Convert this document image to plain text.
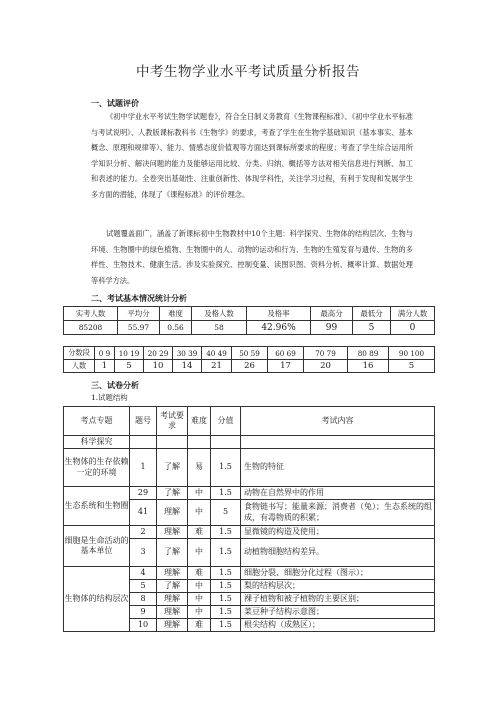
中考生物学业水平考试质量分析报告
一、试题评价
《初中学业水平考试生物学试题卷》，符合全日制义务教育《生物课程标准》、《初中学业水平标准与考试说明》、人教版课标教科书《生物学》的要求，考查了学生在生物学基础知识（基本事实、基本概念、原理和规律等）、能力、情感态度价值观等方面达到课标所要求的程度；考查了学生综合运用所学知识分析、解决问题的能力及能够运用比较、分类、归纳、概括等方法对相关信息进行判断、加工和表述的能力。全卷突出基础性、注重创新性、体现学科性，关注学习过程，有利于发现和发展学生多方面的潜能，体现了《课程标准》的评价理念。
试题覆盖面广，涵盖了新课标初中生物教材中10个主题：科学探究、生物体的结构层次、生物与环境、生物圈中的绿色植物、生物圈中的人、动物的运动和行为、生物的生殖发育与遗传、生物的多样性、生物技术、健康生活。涉及实验探究、控制变量、读图识图、资料分析、概率计算、数据处理等科学方法。
二、考试基本情况统计分析
实考人数	平均分	难度	及格人数	及格率	最高分	最低分	满分人数
85208	55.97	0.56	58	42.96%	99	5	0
分数段	0 9	10 19	20 29	30 39	40 49	50 59	60 69	70 79	80 89	90 100
人数	1	5	10	14	21	26	17	20	16	5
三、试卷分析
1.试题结构
考点专题	题号	考试要求	难度	分值	考试内容
科学探究					
生物体的生存依赖一定的环境	1	了解	易	1.5	生物的特征
生态系统和生物圈	29	了解	中	1.5	动物在自然界中的作用
	41	理解	中	5	食物链书写；能量来源；消费者（兔）；生态系统的组成，有毒物质的积累；
细胞是生命活动的基本单位	2	理解	难	1.5	显微镜的构造及使用；
	3	了解	中	1.5	动植物细胞结构差异。
生物体的结构层次	4	理解	难	1.5	细胞分裂、细胞分化过程（图示）；
	5	了解	中	1.5	梨的结构层次；
	8	理解	中	1.5	裸子植物和被子植物的主要区别；
	9	理解	中	1.5	菜豆种子结构示意图；
	10	理解	难	1.5	根尖结构（成熟区）；
